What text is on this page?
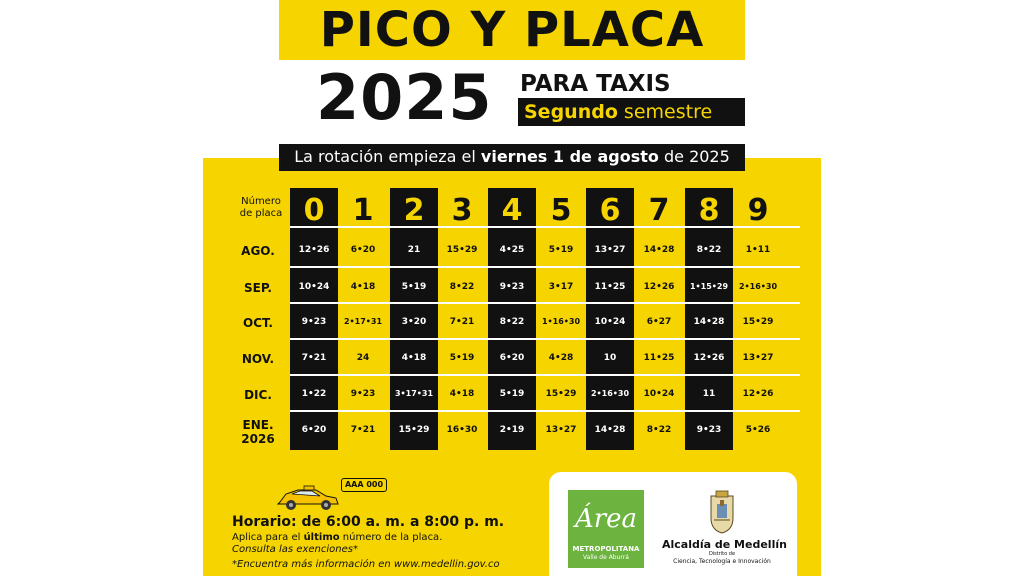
PICO Y PLACA
2025 PARA TAXIS
Segundo semestre
La rotación empieza el viernes 1 de agosto de 2025
Número
de placa 0 1	2 3 4 5 6 7 8 9
AGO.	12•26	6•20	21	15•29	4•25	5•19	13•27	14•28	8•22	1•11
SEP.	10•24	4•18	5•19	8•22	9•23	3•17	11•25	12•26	1•15•29	2•16•30
OCT.	9•23	2•17•31	3•20	7•21	8•22	1•16•30	10•24	6•27	14•28	15•29
NOV.	7•21	24	4•18	5•19	6•20	4•28	10	11•25	12•26	13•27
DIC.	1•22	9•23	3•17•31	4•18	5•19	15•29	2•16•30	10•24	11	12•26
ENE.
2026
6•20	7•21	15•29	16•30	2•19	13•27	14•28	8•22	9•23	5•26
AAA 000
Horario: de 6:00 a. m. a 8:00 p. m.
Aplica para el último número de la placa.
Consulta las exenciones*
*Encuentra más información en www.medellin.gov.co
Área
METROPOLITANA
Valle de Aburrá
Alcaldía de Medellín
Distrito de
Ciencia, Tecnología e Innovación
